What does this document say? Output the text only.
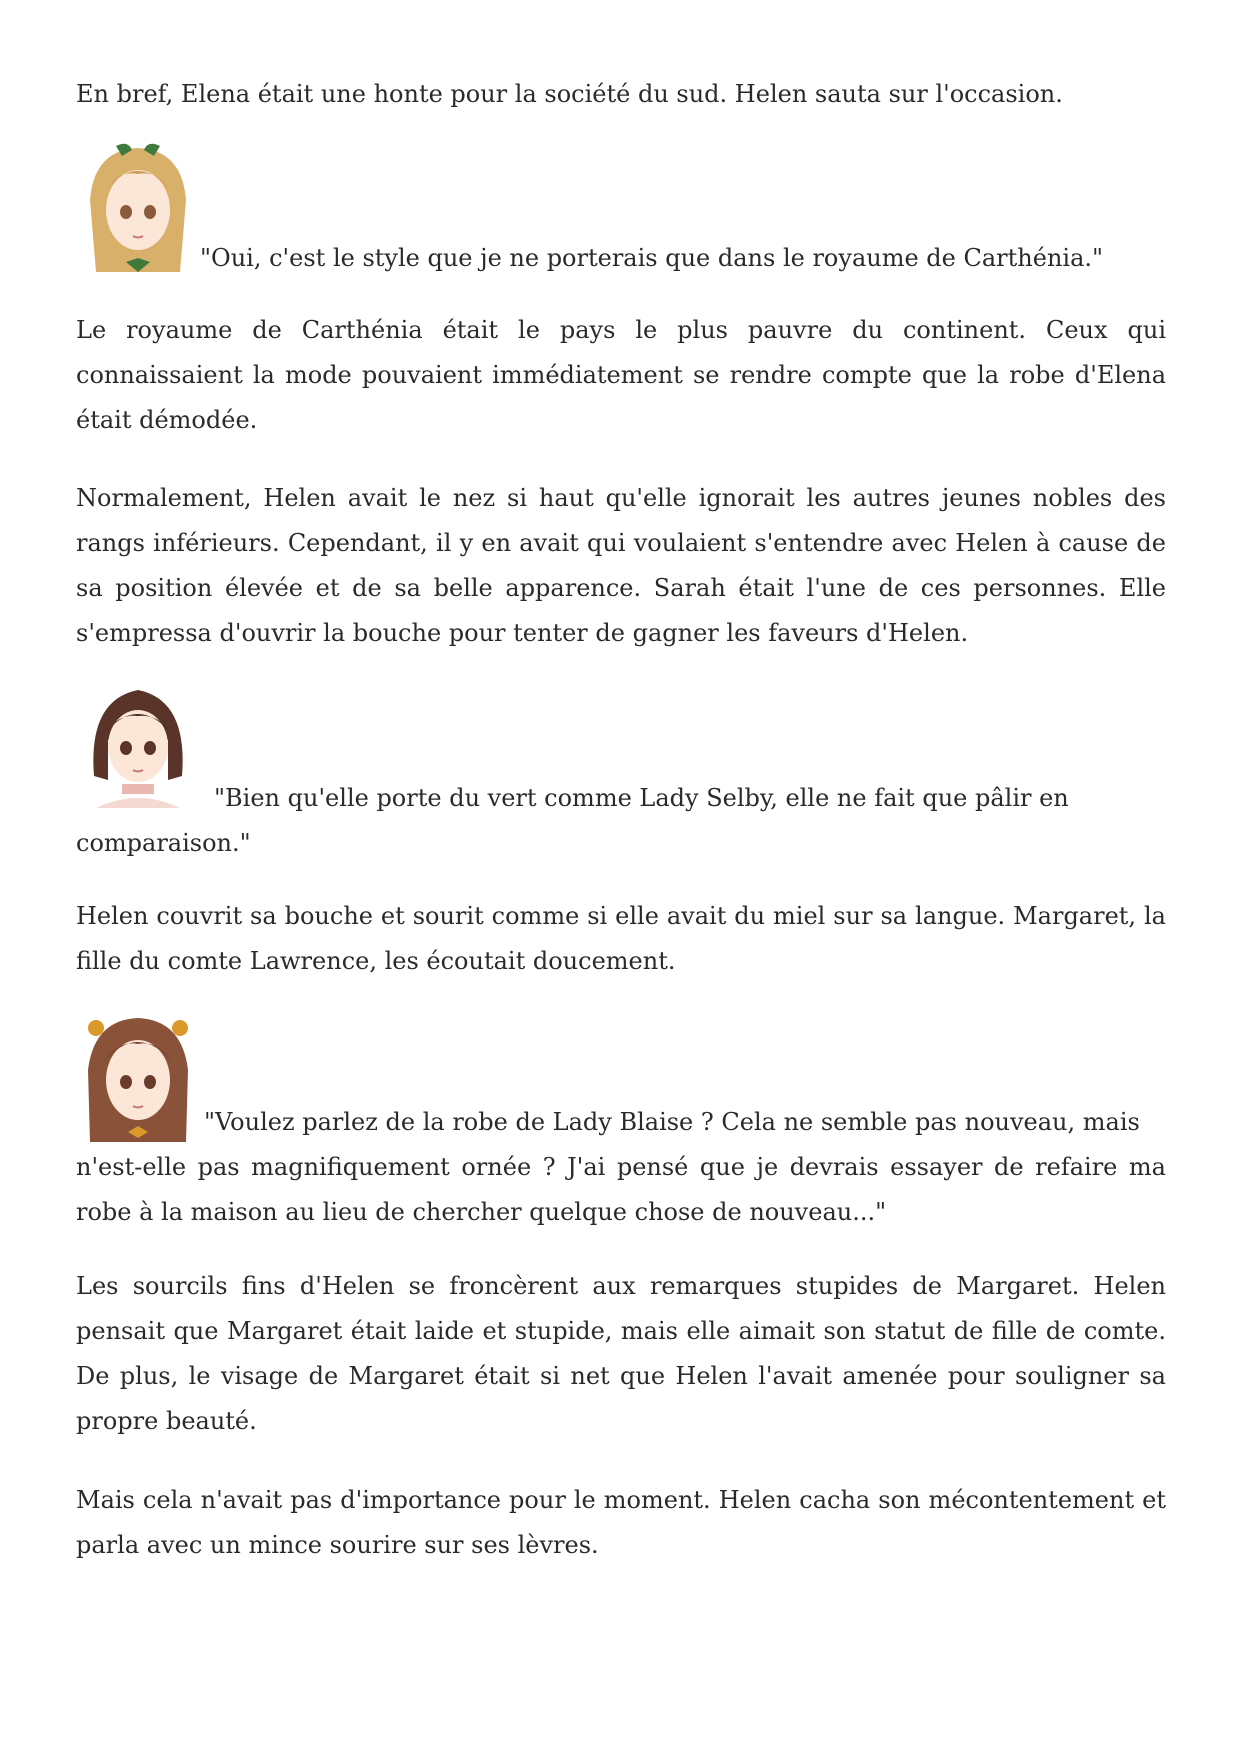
En bref, Elena était une honte pour la société du sud. Helen sauta sur l'occasion.

"Oui, c'est le style que je ne porterais que dans le royaume de Carthénia."

Le royaume de Carthénia était le pays le plus pauvre du continent. Ceux qui connaissaient la mode pouvaient immédiatement se rendre compte que la robe d'Elena était démodée.

Normalement, Helen avait le nez si haut qu'elle ignorait les autres jeunes nobles des rangs inférieurs. Cependant, il y en avait qui voulaient s'entendre avec Helen à cause de sa position élevée et de sa belle apparence. Sarah était l'une de ces personnes. Elle s'empressa d'ouvrir la bouche pour tenter de gagner les faveurs d'Helen.

"Bien qu'elle porte du vert comme Lady Selby, elle ne fait que pâlir en

comparaison."

Helen couvrit sa bouche et sourit comme si elle avait du miel sur sa langue. Margaret, la fille du comte Lawrence, les écoutait doucement.

"Voulez parlez de la robe de Lady Blaise ? Cela ne semble pas nouveau, mais

n'est-elle pas magnifiquement ornée ? J'ai pensé que je devrais essayer de refaire ma robe à la maison au lieu de chercher quelque chose de nouveau..."

Les sourcils fins d'Helen se froncèrent aux remarques stupides de Margaret. Helen pensait que Margaret était laide et stupide, mais elle aimait son statut de fille de comte. De plus, le visage de Margaret était si net que Helen l'avait amenée pour souligner sa propre beauté.

Mais cela n'avait pas d'importance pour le moment. Helen cacha son mécontentement et parla avec un mince sourire sur ses lèvres.
